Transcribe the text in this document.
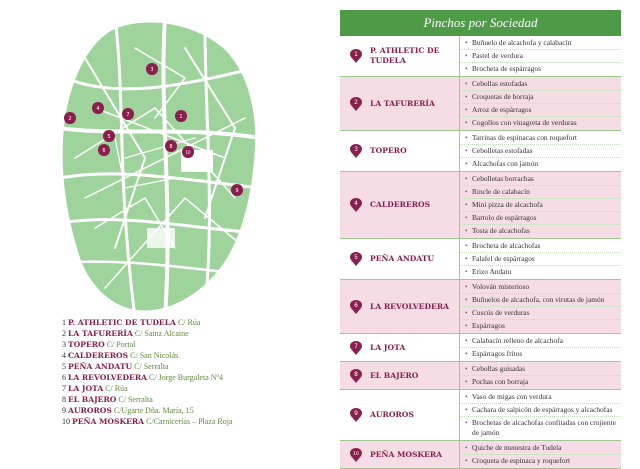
1
2
3
4
5
6
7
8
9
10
1 P. ATHLETIC DE TUDELA C/ Rúa
2 LA TAFURERÍA C/ Sainz Alcaine
3 TOPERO C/ Portal
4 CALDEREROS C/ San Nicolás
5 PEÑA ANDATU C/ Serralta
6 LA REVOLVEDERA C/ Jorge Burgaleta Nº4
7 LA JOTA C/ Rúa
8 EL BAJERO C/ Serralta
9 AUROROS C/Ugarte Dña. María, 15
10 PEÑA MOSKERA C/Carnicerías – Plaza Roja
Pinchos por Sociedad
1 P. ATHLETIC DE TUDELA
• Buñuelo de alcachofa y calabacín
• Pastel de verdura
• Brocheta de espárragos
2 LA TAFURERÍA
• Cebollas estofadas
• Croquetas de borraja
• Arroz de espárragos
• Cogollos con vinagreta de verduras
3 TOPERO
• Tarrinas de espinacas con roquefort
• Cebolletas estofadas
• Alcachofas con jamón
4 CALDEREROS
• Cebolletas borrachas
• Rincle de calabacín
• Mini pizza de alcachofa
• Bartolo de espárragos
• Tosta de alcachofas
5 PEÑA ANDATU
• Brocheta de alcachofas
• Falafel de espárragos
• Erizo Andatu
6 LA REVOLVEDERA
• Volován misterioso
• Buñuelos de alcachofa, con virutas de jamón
• Cuscús de verduras
• Espárragos
7 LA JOTA
• Calabacín relleno de alcachofa
• Espárragos fritos
8 EL BAJERO
• Cebollas guisadas
• Pochas con borraja
9 AUROROS
• Vaso de migas con verdura
• Cachara de salpicón de espárragos y alcachofas
• Brochetas de alcachofas confitadas con crujiente de jamón
10 PEÑA MOSKERA
• Quiche de menestra de Tudela
• Croqueta de espinaca y roquefort
